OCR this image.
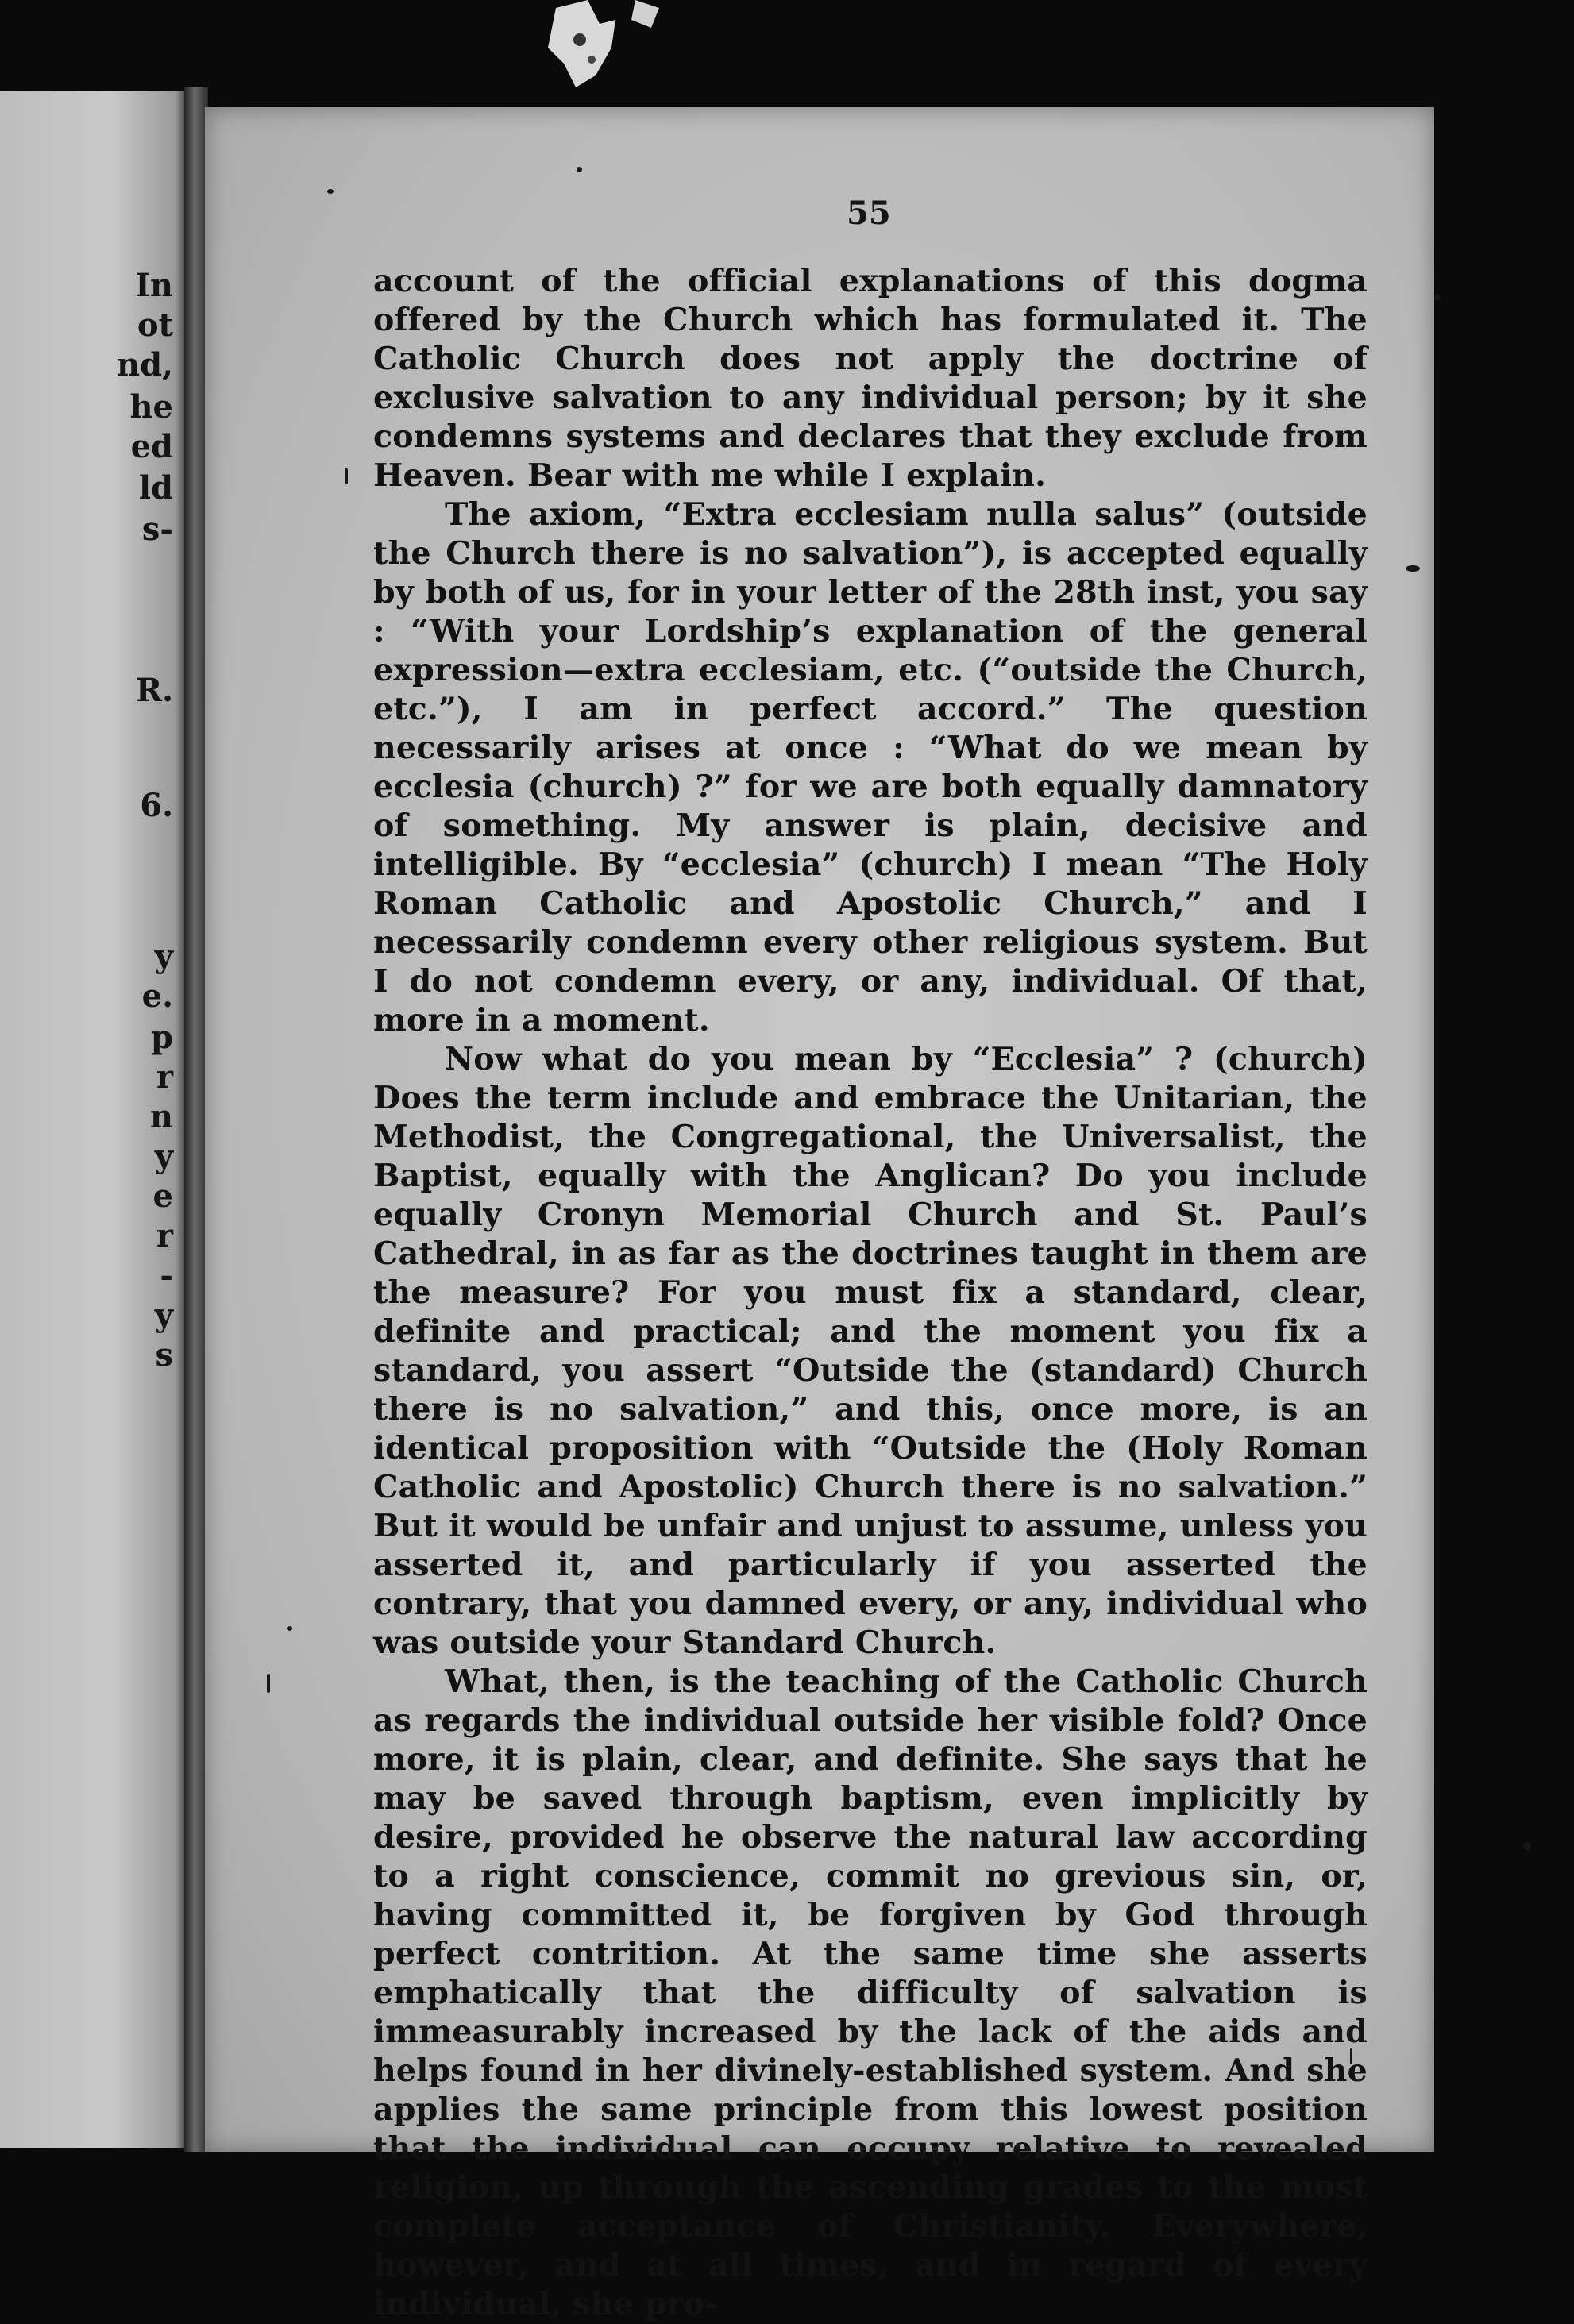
In
ot
nd,
he
ed
ld
s-
R.
6.
y
e.
p
r
n
y
e
r
-
y
s
55

account of the official explanations of this dogma offered by the Church which has formulated it. The Catholic Church does not apply the doctrine of exclusive salvation to any individual person; by it she condemns systems and declares that they exclude from Heaven. Bear with me while I explain.

The axiom, “Extra ecclesiam nulla salus” (outside the Church there is no salvation”), is accepted equally by both of us, for in your letter of the 28th inst, you say : “With your Lordship’s explanation of the general expression—extra ecclesiam, etc. (“outside the Church, etc.”), I am in perfect accord.” The question necessarily arises at once : “What do we mean by ecclesia (church) ?” for we are both equally damnatory of something. My answer is plain, decisive and intelligible. By “ecclesia” (church) I mean “The Holy Roman Catholic and Apostolic Church,” and I necessarily condemn every other religious system. But I do not condemn every, or any, individual. Of that, more in a moment.

Now what do you mean by “Ecclesia” ? (church) Does the term include and embrace the Unitarian, the Methodist, the Congregational, the Universalist, the Baptist, equally with the Anglican? Do you include equally Cronyn Memorial Church and St. Paul’s Cathedral, in as far as the doctrines taught in them are the measure? For you must fix a standard, clear, definite and practical; and the moment you fix a standard, you assert “Outside the (standard) Church there is no salvation,” and this, once more, is an identical proposition with “Outside the (Holy Roman Catholic and Apostolic) Church there is no salvation.” But it would be unfair and unjust to assume, unless you asserted it, and particularly if you asserted the contrary, that you damned every, or any, individual who was outside your Standard Church.

What, then, is the teaching of the Catholic Church as regards the individual outside her visible fold? Once more, it is plain, clear, and definite. She says that he may be saved through baptism, even implicitly by desire, provided he observe the natural law according to a right conscience, commit no grevious sin, or, having committed it, be forgiven by God through perfect contrition. At the same time she asserts emphatically that the difficulty of salvation is immeasurably increased by the lack of the aids and helps found in her divinely-established system. And she applies the same principle from this lowest position that the individual can occupy relative to revealed religion, up through the ascending grades to the most complete acceptance of Christianity. Everywhere, however, and at all times, and in regard of every individual, she pro-
